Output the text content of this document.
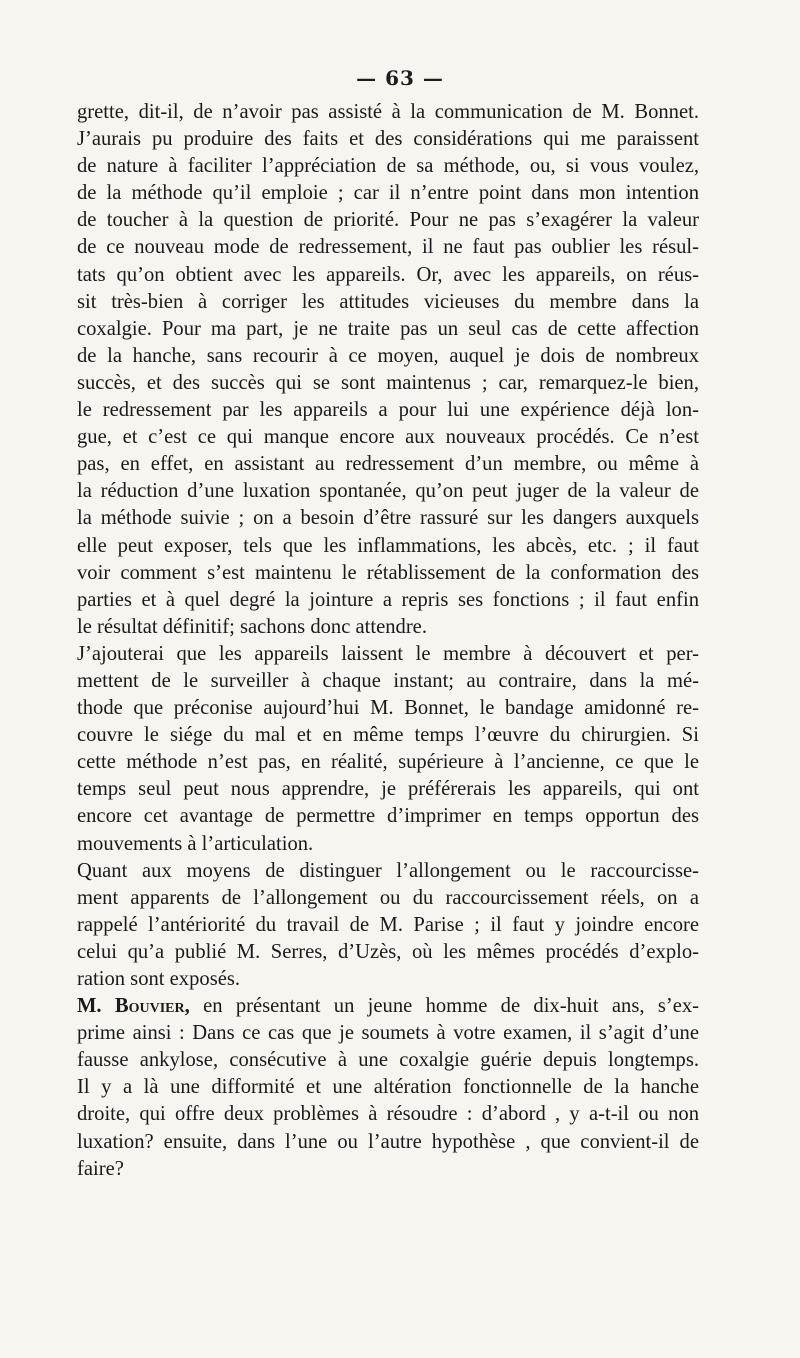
— 63 —
grette, dit-il, de n’avoir pas assisté à la communication de M. Bonnet.
J’aurais pu produire des faits et des considérations qui me paraissent
de nature à faciliter l’appréciation de sa méthode, ou, si vous voulez,
de la méthode qu’il emploie ; car il n’entre point dans mon intention
de toucher à la question de priorité. Pour ne pas s’exagérer la valeur
de ce nouveau mode de redressement, il ne faut pas oublier les résul-
tats qu’on obtient avec les appareils. Or, avec les appareils, on réus-
sit très-bien à corriger les attitudes vicieuses du membre dans la
coxalgie. Pour ma part, je ne traite pas un seul cas de cette affection
de la hanche, sans recourir à ce moyen, auquel je dois de nombreux
succès, et des succès qui se sont maintenus ; car, remarquez-le bien,
le redressement par les appareils a pour lui une expérience déjà lon-
gue, et c’est ce qui manque encore aux nouveaux procédés. Ce n’est
pas, en effet, en assistant au redressement d’un membre, ou même à
la réduction d’une luxation spontanée, qu’on peut juger de la valeur de
la méthode suivie ; on a besoin d’être rassuré sur les dangers auxquels
elle peut exposer, tels que les inflammations, les abcès, etc. ; il faut
voir comment s’est maintenu le rétablissement de la conformation des
parties et à quel degré la jointure a repris ses fonctions ; il faut enfin
le résultat définitif; sachons donc attendre.
J’ajouterai que les appareils laissent le membre à découvert et per-
mettent de le surveiller à chaque instant; au contraire, dans la mé-
thode que préconise aujourd’hui M. Bonnet, le bandage amidonné re-
couvre le siége du mal et en même temps l’œuvre du chirurgien. Si
cette méthode n’est pas, en réalité, supérieure à l’ancienne, ce que le
temps seul peut nous apprendre, je préférerais les appareils, qui ont
encore cet avantage de permettre d’imprimer en temps opportun des
mouvements à l’articulation.
Quant aux moyens de distinguer l’allongement ou le raccourcisse-
ment apparents de l’allongement ou du raccourcissement réels, on a
rappelé l’antériorité du travail de M. Parise ; il faut y joindre encore
celui qu’a publié M. Serres, d’Uzès, où les mêmes procédés d’explo-
ration sont exposés.
M. Bouvier, en présentant un jeune homme de dix-huit ans, s’ex-
prime ainsi : Dans ce cas que je soumets à votre examen, il s’agit d’une
fausse ankylose, consécutive à une coxalgie guérie depuis longtemps.
Il y a là une difformité et une altération fonctionnelle de la hanche
droite, qui offre deux problèmes à résoudre : d’abord , y a-t-il ou non
luxation? ensuite, dans l’une ou l’autre hypothèse , que convient-il de
faire?
